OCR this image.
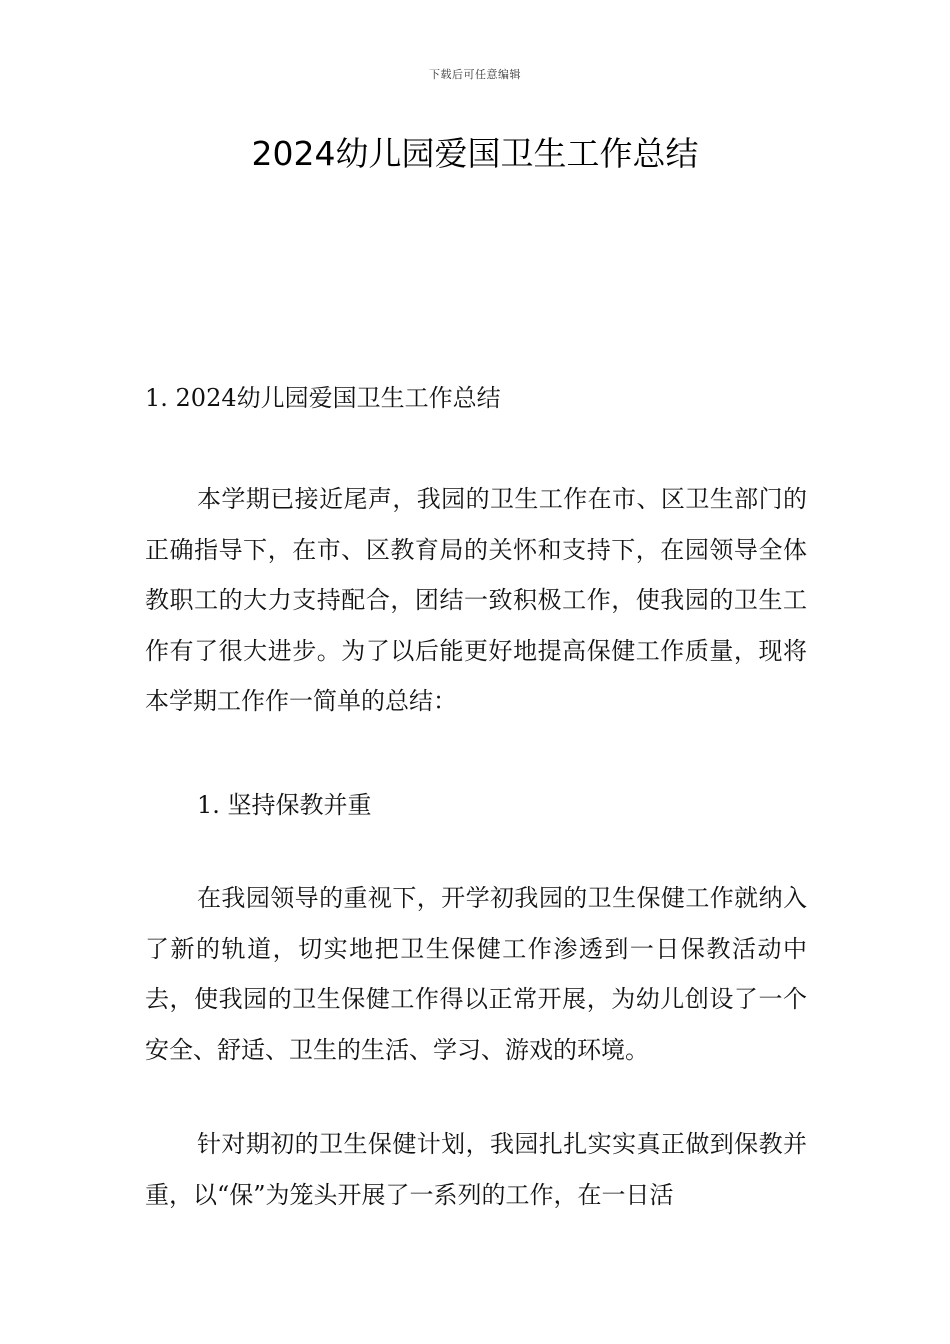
下载后可任意编辑
2024幼儿园爱国卫生工作总结

1. 2024幼儿园爱国卫生工作总结

本学期已接近尾声，我园的卫生工作在市、区卫生部门的正确指导下，在市、区教育局的关怀和支持下，在园领导全体教职工的大力支持配合，团结一致积极工作，使我园的卫生工作有了很大进步。为了以后能更好地提高保健工作质量，现将本学期工作作一简单的总结：

1. 坚持保教并重

在我园领导的重视下，开学初我园的卫生保健工作就纳入了新的轨道，切实地把卫生保健工作渗透到一日保教活动中去，使我园的卫生保健工作得以正常开展，为幼儿创设了一个安全、舒适、卫生的生活、学习、游戏的环境。

针对期初的卫生保健计划，我园扎扎实实真正做到保教并重，以“保”为笼头开展了一系列的工作，在一日活
